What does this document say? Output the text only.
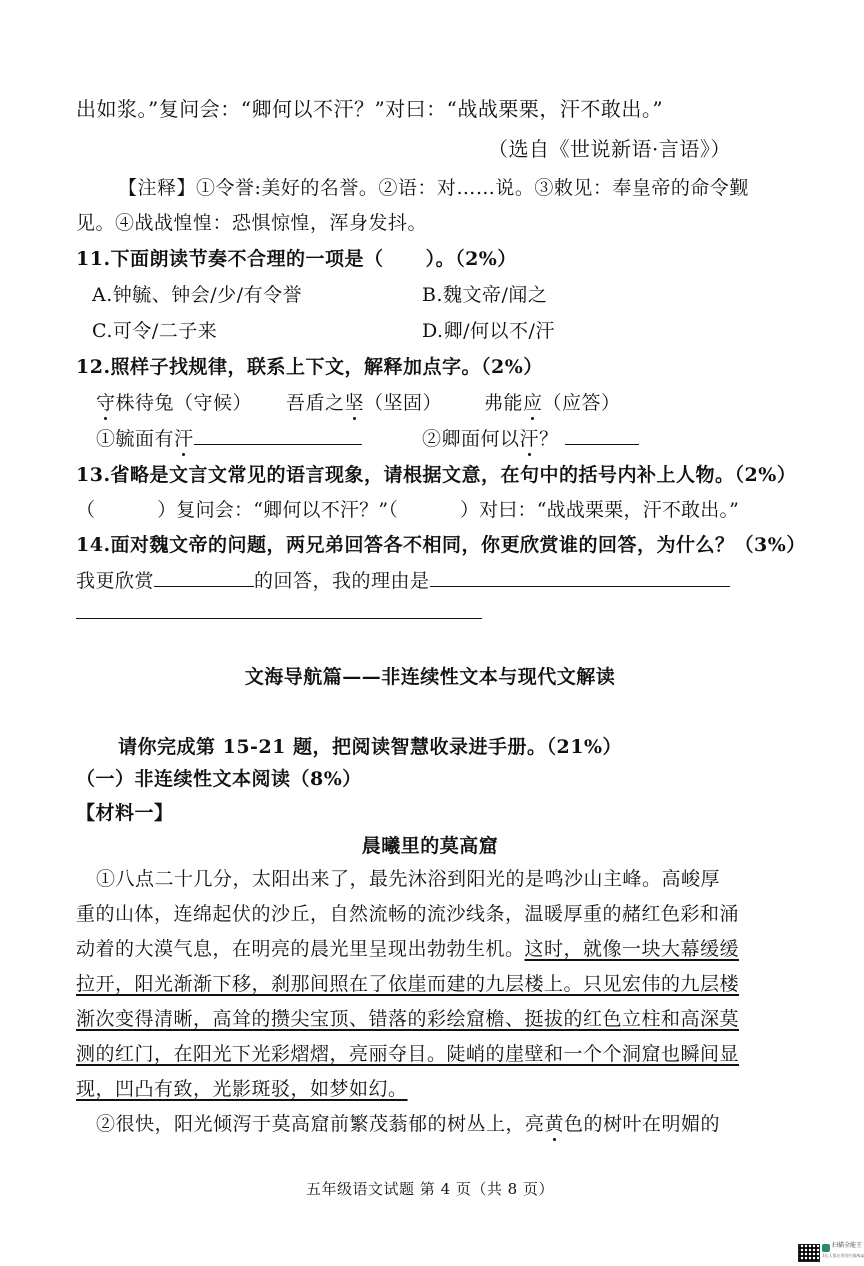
出如浆。”复问会：“卿何以不汗？”对曰：“战战栗栗，汗不敢出。”
（选自《世说新语·言语》）
【注释】①令誉:美好的名誉。②语：对……说。③敕见：奉皇帝的命令觐
见。④战战惶惶：恐惧惊惶，浑身发抖。
11.下面朗读节奏不合理的一项是（ ）。（2%）
A.钟毓、钟会/少/有令誉	B.魏文帝/闻之
C.可令/二子来	D.卿/何以不/汗
12.照样子找规律，联系上下文，解释加点字。（2%）
守株待兔（守候） 吾盾之坚（坚固） 弗能应（应答）
①毓面有汗	②卿面何以汗？
13.省略是文言文常见的语言现象，请根据文意，在句中的括号内补上人物。（2%）
（	）复问会：“卿何以不汗？”（	）对曰：“战战栗栗，汗不敢出。”
14.面对魏文帝的问题，两兄弟回答各不相同，你更欣赏谁的回答，为什么？（3%）
我更欣赏	的回答，我的理由是
文海导航篇——非连续性文本与现代文解读
请你完成第 15-21 题，把阅读智慧收录进手册。（21%）
（一）非连续性文本阅读（8%）
【材料一】
晨曦里的莫高窟
①八点二十几分，太阳出来了，最先沐浴到阳光的是鸣沙山主峰。高峻厚
重的山体，连绵起伏的沙丘，自然流畅的流沙线条，温暖厚重的赭红色彩和涌
动着的大漠气息，在明亮的晨光里呈现出勃勃生机。这时，就像一块大幕缓缓
拉开，阳光渐渐下移，刹那间照在了依崖而建的九层楼上。只见宏伟的九层楼
渐次变得清晰，高耸的攒尖宝顶、错落的彩绘窟檐、挺拔的红色立柱和高深莫
测的红门，在阳光下光彩熠熠，亮丽夺目。陡峭的崖壁和一个个洞窟也瞬间显
现，凹凸有致，光影斑驳，如梦如幻。
②很快，阳光倾泻于莫高窟前繁茂蓊郁的树丛上，亮黄色的树叶在明媚的
五年级语文试题 第 4 页（共 8 页）
扫描全能王
3亿人都在用的扫描App
